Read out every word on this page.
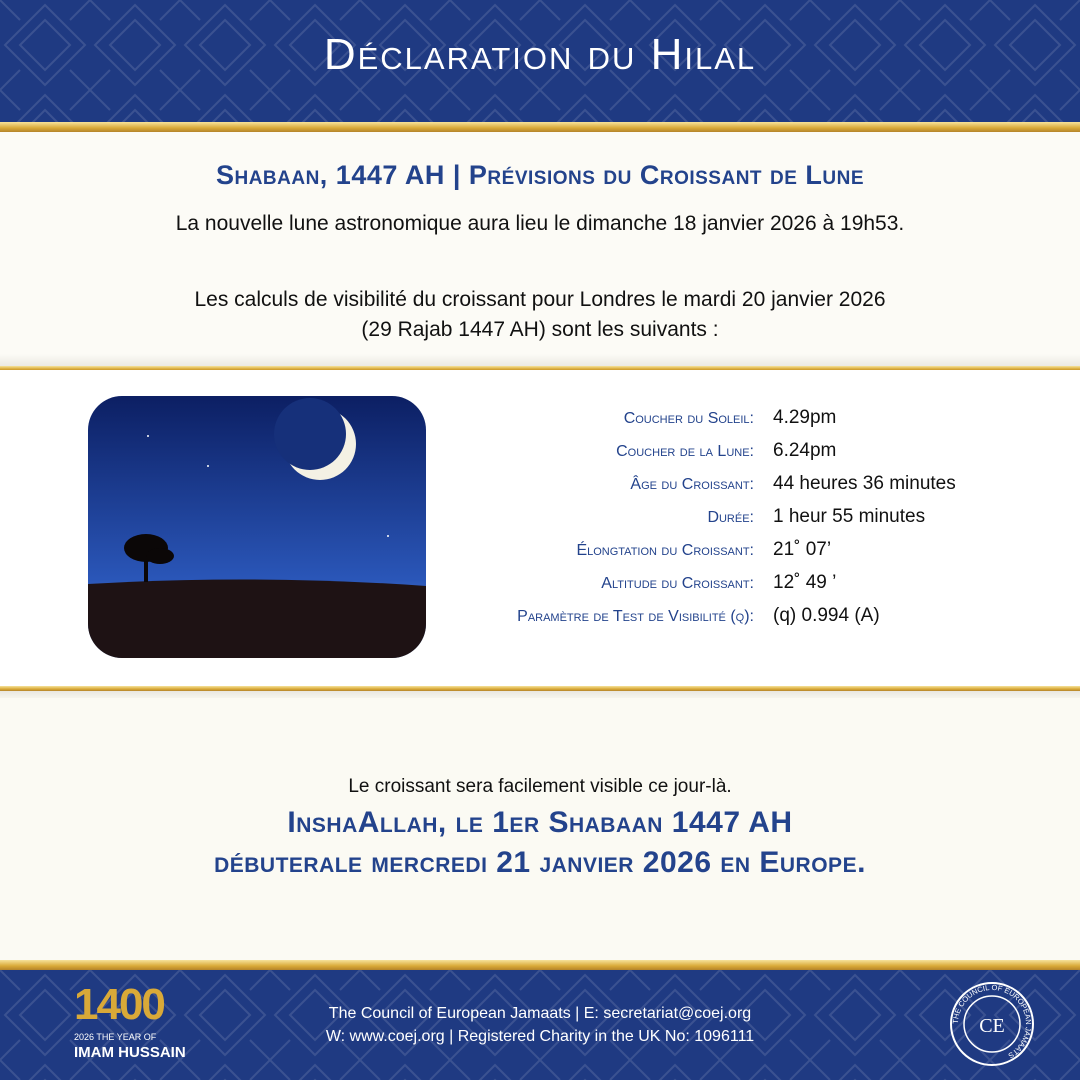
Déclaration du Hilal
Shabaan, 1447 AH | Prévisions du Croissant de Lune
La nouvelle lune astronomique aura lieu le dimanche 18 janvier 2026 à 19h53.
Les calculs de visibilité du croissant pour Londres le mardi 20 janvier 2026
(29 Rajab 1447 AH) sont les suivants :
Coucher du Soleil: 4.29pm
Coucher de la Lune: 6.24pm
Âge du Croissant: 44 heures 36 minutes
Durée: 1 heur 55 minutes
Élongtation du Croissant: 21˚ 07’
Altitude du Croissant: 12˚ 49 ’
Paramètre de Test de Visibilité (q): (q) 0.994 (A)
Le croissant sera facilement visible ce jour-là.
InshaAllah, le 1er Shabaan 1447 AH
débuterale mercredi 21 janvier 2026 en Europe.
1400
2026 THE YEAR OF
IMAM HUSSAIN
The Council of European Jamaats | E: secretariat@coej.org
W: www.coej.org | Registered Charity in the UK No: 1096111
THE COUNCIL OF EUROPEAN JAMAATS
CE
